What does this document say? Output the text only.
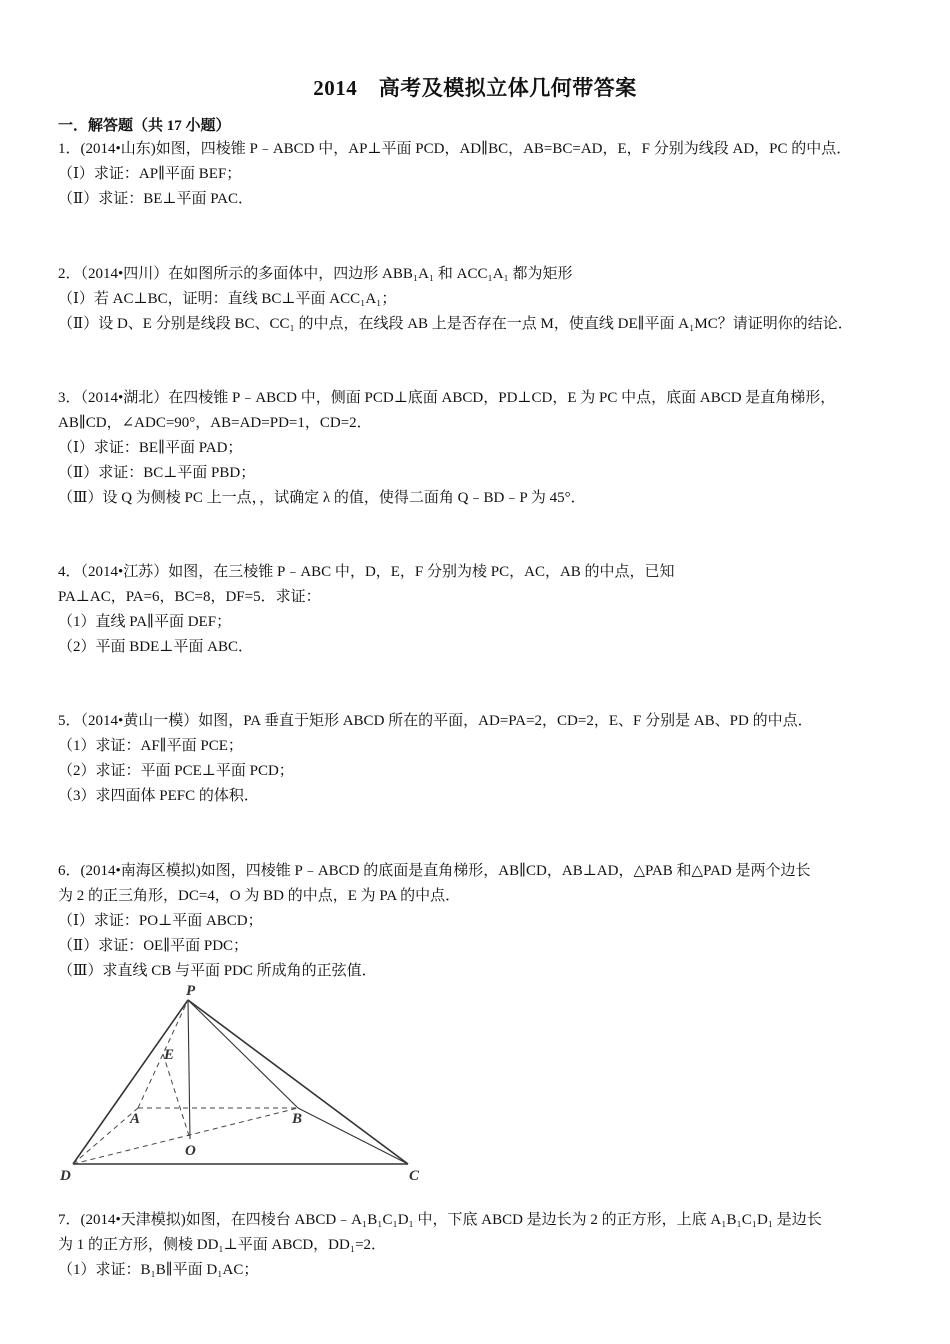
2014　高考及模拟立体几何带答案
一．解答题（共 17 小题）
1．(2014•山东)如图，四棱锥 P﹣ABCD 中，AP⊥平面 PCD，AD∥BC，AB=BC=AD，E，F 分别为线段 AD，PC 的中点．
（Ⅰ）求证：AP∥平面 BEF；
（Ⅱ）求证：BE⊥平面 PAC．
2．（2014•四川）在如图所示的多面体中，四边形 ABB₁A₁ 和 ACC₁A₁ 都为矩形
（Ⅰ）若 AC⊥BC，证明：直线 BC⊥平面 ACC₁A₁；
（Ⅱ）设 D、E 分别是线段 BC、CC₁ 的中点，在线段 AB 上是否存在一点 M，使直线 DE∥平面 A₁MC？请证明你的结论．
3．（2014•湖北）在四棱锥 P﹣ABCD 中，侧面 PCD⊥底面 ABCD，PD⊥CD，E 为 PC 中点，底面 ABCD 是直角梯形，
AB∥CD，∠ADC=90°，AB=AD=PD=1，CD=2．
（Ⅰ）求证：BE∥平面 PAD；
（Ⅱ）求证：BC⊥平面 PBD；
（Ⅲ）设 Q 为侧棱 PC 上一点，，试确定 λ 的值，使得二面角 Q﹣BD﹣P 为 45°．
4．（2014•江苏）如图，在三棱锥 P﹣ABC 中，D，E，F 分别为棱 PC，AC，AB 的中点，已知
PA⊥AC，PA=6，BC=8，DF=5．求证：
（1）直线 PA∥平面 DEF；
（2）平面 BDE⊥平面 ABC．
5．（2014•黄山一模）如图，PA 垂直于矩形 ABCD 所在的平面，AD=PA=2，CD=2，E、F 分别是 AB、PD 的中点．
（1）求证：AF∥平面 PCE；
（2）求证：平面 PCE⊥平面 PCD；
（3）求四面体 PEFC 的体积．
6．(2014•南海区模拟)如图，四棱锥 P﹣ABCD 的底面是直角梯形，AB∥CD，AB⊥AD，△PAB 和△PAD 是两个边长
为 2 的正三角形，DC=4，O 为 BD 的中点，E 为 PA 的中点．
（Ⅰ）求证：PO⊥平面 ABCD；
（Ⅱ）求证：OE∥平面 PDC；
（Ⅲ）求直线 CB 与平面 PDC 所成角的正弦值．
P
E
A	B
O
D	C
7．(2014•天津模拟)如图，在四棱台 ABCD﹣A₁B₁C₁D₁ 中，下底 ABCD 是边长为 2 的正方形，上底 A₁B₁C₁D₁ 是边长
为 1 的正方形，侧棱 DD₁⊥平面 ABCD，DD₁=2．
（1）求证：B₁B∥平面 D₁AC；
